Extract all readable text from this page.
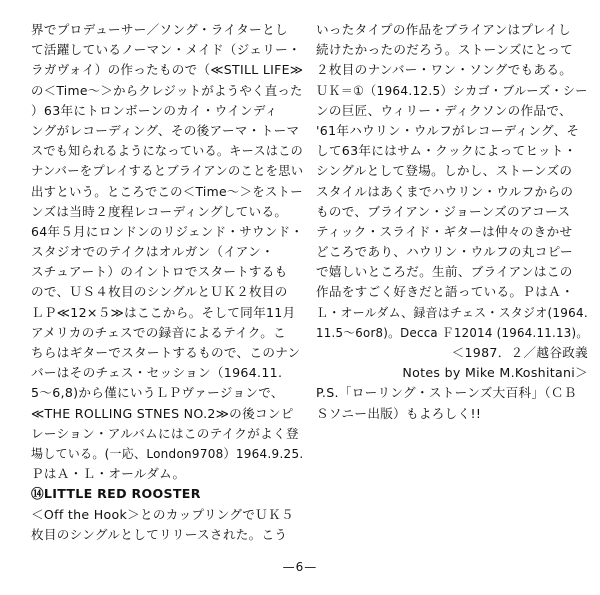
界でプロデューサー／ソング・ライターとし
て活躍しているノーマン・メイド（ジェリー・
ラガヴォイ）の作ったもので（≪STILL LIFE≫
の＜Time～＞からクレジットがようやく直った
）63年にトロンボーンのカイ・ウインディ
ングがレコーディング、その後アーマ・トーマ
スでも知られるようになっている。キースはこの
ナンバーをプレイするとブライアンのことを思い
出すという。ところでこの＜Time～＞をストー
ンズは当時２度程レコーディングしている。
64年５月にロンドンのリジェンド・サウンド・
スタジオでのテイクはオルガン（イアン・
スチュアート）のイントロでスタートするも
ので、ＵＳ４枚目のシングルとＵＫ２枚目の
ＬＰ≪12×５≫はここから。そして同年11月
アメリカのチェスでの録音によるテイク。こ
ちらはギターでスタートするもので、このナン
バーはそのチェス・セッション（1964.11.
5～6,8)から僅にいうＬＰヴァージョンで、
≪THE ROLLING STNES NO.2≫の後コンピ
レーション・アルバムにはこのテイクがよく登
場している。(一応、London9708）1964.9.25.
ＰはＡ・Ｌ・オールダム。
⑭LITTLE RED ROOSTER
＜Off the Hook＞とのカップリングでＵＫ５
枚目のシングルとしてリリースされた。こう
いったタイプの作品をブライアンはプレイし
続けたかったのだろう。ストーンズにとって
２枚目のナンバー・ワン・ソングでもある。
ＵＫ＝①（1964.12.5）シカゴ・ブルーズ・シー
ンの巨匠、ウィリー・ディクソンの作品で、
'61年ハウリン・ウルフがレコーディング、そ
して63年にはサム・クックによってヒット・
シングルとして登場。しかし、ストーンズの
スタイルはあくまでハウリン・ウルフからの
もので、ブライアン・ジョーンズのアコース
ティック・スライド・ギターは仲々のきかせ
どころであり、ハウリン・ウルフの丸コピー
で嬉しいところだ。生前、ブライアンはこの
作品をすごく好きだと語っている。ＰはＡ・
Ｌ・オールダム、録音はチェス・スタジオ(1964.
11.5～6or8)。Decca Ｆ12014 (1964.11.13)。
＜1987．２／越谷政義
Notes by Mike M.Koshitani＞
P.S.「ローリング・ストーンズ大百科」（ＣＢ
Ｓソニー出版）もよろしく!!
—6—
